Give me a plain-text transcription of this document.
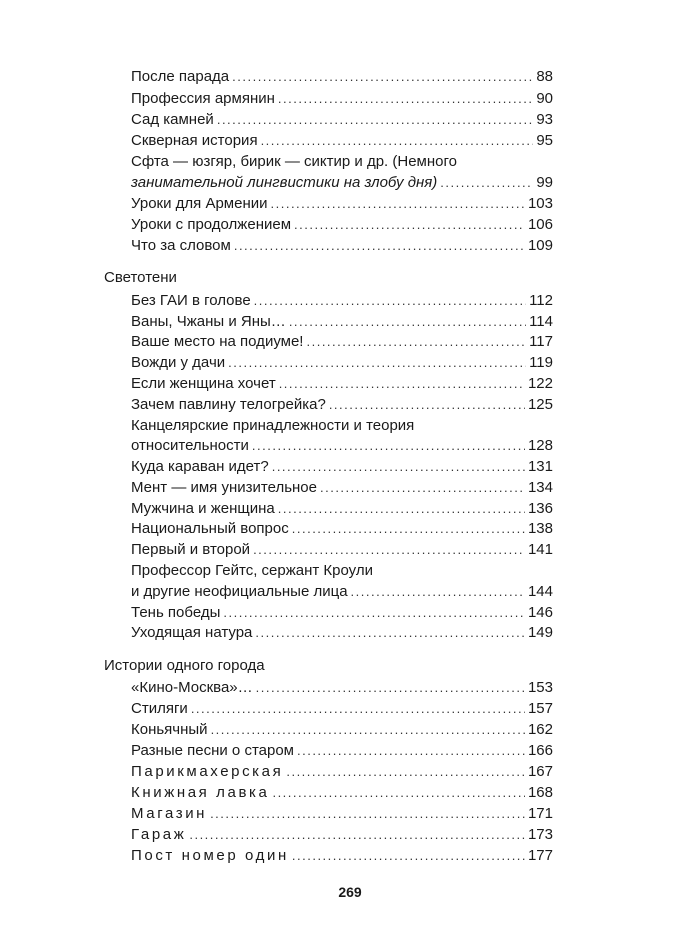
После парада .....	88
Профессия армянин .....	90
Сад камней .....	93
Скверная история .....	95
Сфта — юзгяр, бирик — сиктир и др. (Немного
занимательной лингвистики на злобу дня) .....	99
Уроки для Армении .....	103
Уроки с продолжением .....	106
Что за словом .....	109
Светотени
Без ГАИ в голове .....	112
Ваны, Чжаны и Яны… .....	114
Ваше место на подиуме! .....	117
Вожди у дачи .....	119
Если женщина хочет .....	122
Зачем павлину телогрейка? .....	125
Канцелярские принадлежности и теория
относительности .....	128
Куда караван идет? .....	131
Мент — имя унизительное .....	134
Мужчина и женщина .....	136
Национальный вопрос .....	138
Первый и второй .....	141
Профессор Гейтс, сержант Кроули
и другие неофициальные лица .....	144
Тень победы .....	146
Уходящая натура .....	149
Истории одного города
«Кино-Москва»… .....	153
Стиляги .....	157
Коньячный .....	162
Разные песни о старом .....	166
Парикмахерская .....	167
Книжная лавка .....	168
Магазин .....	171
Гараж .....	173
Пост номер один .....	177
269
